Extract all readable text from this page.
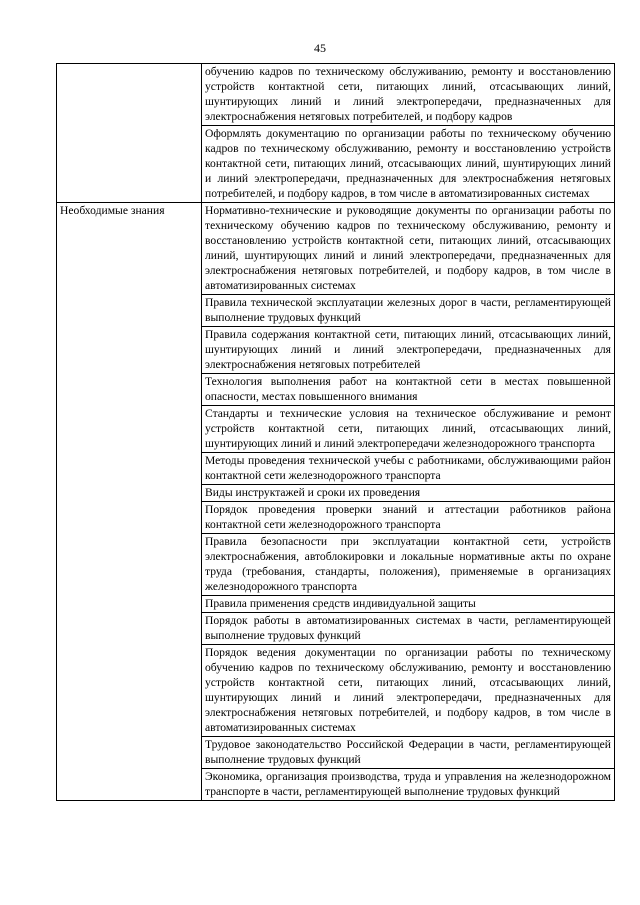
45
	обучению кадров по техническому обслуживанию, ремонту и восстановлению устройств контактной сети, питающих линий, отсасывающих линий, шунтирующих линий и линий электропередачи, предназначенных для электроснабжения нетяговых потребителей, и подбору кадров
	Оформлять документацию по организации работы по техническому обучению кадров по техническому обслуживанию, ремонту и восстановлению устройств контактной сети, питающих линий, отсасывающих линий, шунтирующих линий и линий электропередачи, предназначенных для электроснабжения нетяговых потребителей, и подбору кадров, в том числе в автоматизированных системах
Необходимые знания	Нормативно-технические и руководящие документы по организации работы по техническому обучению кадров по техническому обслуживанию, ремонту и восстановлению устройств контактной сети, питающих линий, отсасывающих линий, шунтирующих линий и линий электропередачи, предназначенных для электроснабжения нетяговых потребителей, и подбору кадров, в том числе в автоматизированных системах
	Правила технической эксплуатации железных дорог в части, регламентирующей выполнение трудовых функций
	Правила содержания контактной сети, питающих линий, отсасывающих линий, шунтирующих линий и линий электропередачи, предназначенных для электроснабжения нетяговых потребителей
	Технология выполнения работ на контактной сети в местах повышенной опасности, местах повышенного внимания
	Стандарты и технические условия на техническое обслуживание и ремонт устройств контактной сети, питающих линий, отсасывающих линий, шунтирующих линий и линий электропередачи железнодорожного транспорта
	Методы проведения технической учебы с работниками, обслуживающими район контактной сети железнодорожного транспорта
	Виды инструктажей и сроки их проведения
	Порядок проведения проверки знаний и аттестации работников района контактной сети железнодорожного транспорта
	Правила безопасности при эксплуатации контактной сети, устройств электроснабжения, автоблокировки и локальные нормативные акты по охране труда (требования, стандарты, положения), применяемые в организациях железнодорожного транспорта
	Правила применения средств индивидуальной защиты
	Порядок работы в автоматизированных системах в части, регламентирующей выполнение трудовых функций
	Порядок ведения документации по организации работы по техническому обучению кадров по техническому обслуживанию, ремонту и восстановлению устройств контактной сети, питающих линий, отсасывающих линий, шунтирующих линий и линий электропередачи, предназначенных для электроснабжения нетяговых потребителей, и подбору кадров, в том числе в автоматизированных системах
	Трудовое законодательство Российской Федерации в части, регламентирующей выполнение трудовых функций
	Экономика, организация производства, труда и управления на железнодорожном транспорте в части, регламентирующей выполнение трудовых функций
